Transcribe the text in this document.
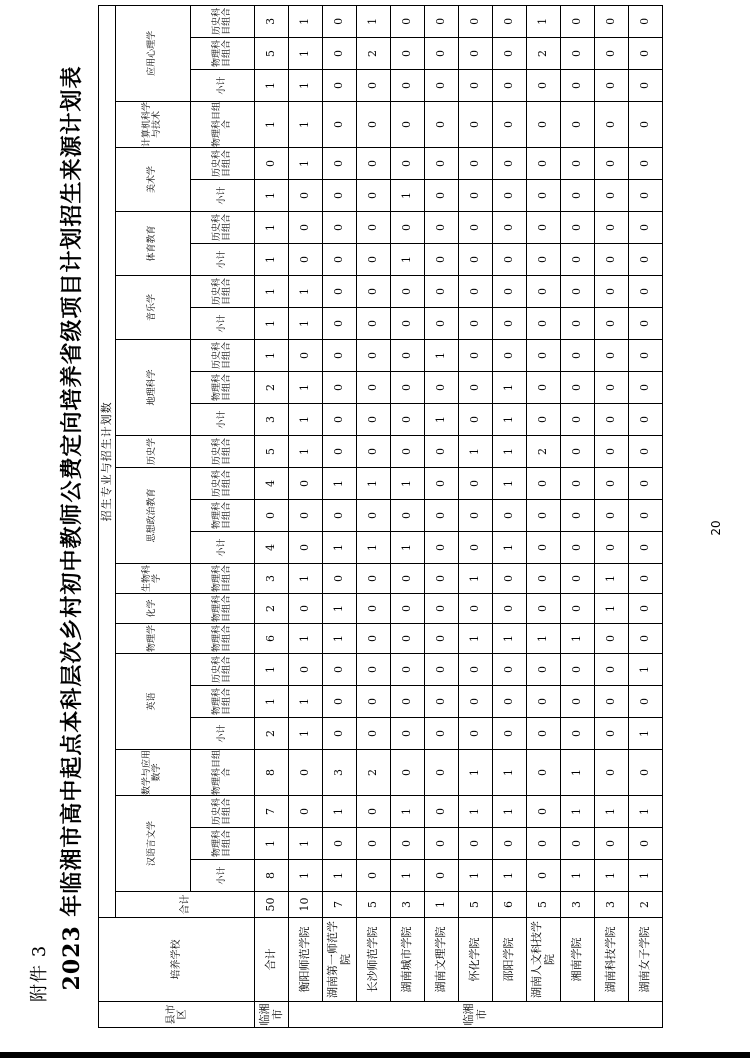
附件 3 2023 年临湘市高中起点本科层次乡村初中教师公费定向培养省级项目计划招生来源计划表
县市区	培养学校	招生专业与招生计划数																												
		合计	汉语言文学			数学与应用数学	英语			物理学	化学	生物科学	思想政治教育			历史学	地理科学			音乐学		体育教育		美术学		计算机科学与技术	应用心理学			
			小计	物理科目组合	历史科目组合	物理科目组合	小计	物理科目组合	历史科目组合	物理科目组合	物理科目组合	物理科目组合	小计	物理科目组合	历史科目组合	历史科目组合	小计	物理科目组合	历史科目组合	小计	历史科目组合	小计	历史科目组合	小计	历史科目组合	物理科目组合	小计	物理科目组合	历史科目组合	
临湘市	合计	50	8	1	7	8	2	1	1	6	2	3	4	0	4	5	3	2	1	1	1	1	1	1	0	1	1	5	3	
临湘市	衡阳师范学院	10	1	1	0	0	1	1	0	1	0	1	0	0	0	1	1	1	0	1	1	0	0	0	1	1	1	1	1	
	湖南第一师范学院	7	1	0	1	3	0	0	0	1	1	0	1	0	1	0	0	0	0	0	0	0	0	0	0	0	0	0	0	
	长沙师范学院	5	0	0	0	2	0	0	0	0	0	0	1	0	1	0	0	0	0	0	0	0	0	0	0	0	0	2	1	
	湖南城市学院	3	1	0	1	0	0	0	0	0	0	0	1	0	1	0	0	0	0	0	0	1	0	1	0	0	0	0	0	
	湖南文理学院	1	0	0	0	0	0	0	0	0	0	0	0	0	0	0	1	0	1	0	0	0	0	0	0	0	0	0	0	
	怀化学院	5	1	0	1	1	0	0	0	1	0	1	0	0	0	1	0	0	0	0	0	0	0	0	0	0	0	0	0	
	邵阳学院	6	1	0	1	1	0	0	0	1	0	0	1	0	1	1	1	1	0	0	0	0	0	0	0	0	0	0	0	
	湖南人文科技学院	5	0	0	0	0	0	0	0	1	0	0	0	0	0	2	0	0	0	0	0	0	0	0	0	0	0	2	1	
	湘南学院	3	1	0	1	1	0	0	0	1	0	0	0	0	0	0	0	0	0	0	0	0	0	0	0	0	0	0	0	
	湖南科技学院	3	1	0	1	0	0	0	0	0	1	1	0	0	0	0	0	0	0	0	0	0	0	0	0	0	0	0	0	
	湖南女子学院	2	1	0	1	0	1	0	1	0	0	0	0	0	0	0	0	0	0	0	0	0	0	0	0	0	0	0	0	
20
